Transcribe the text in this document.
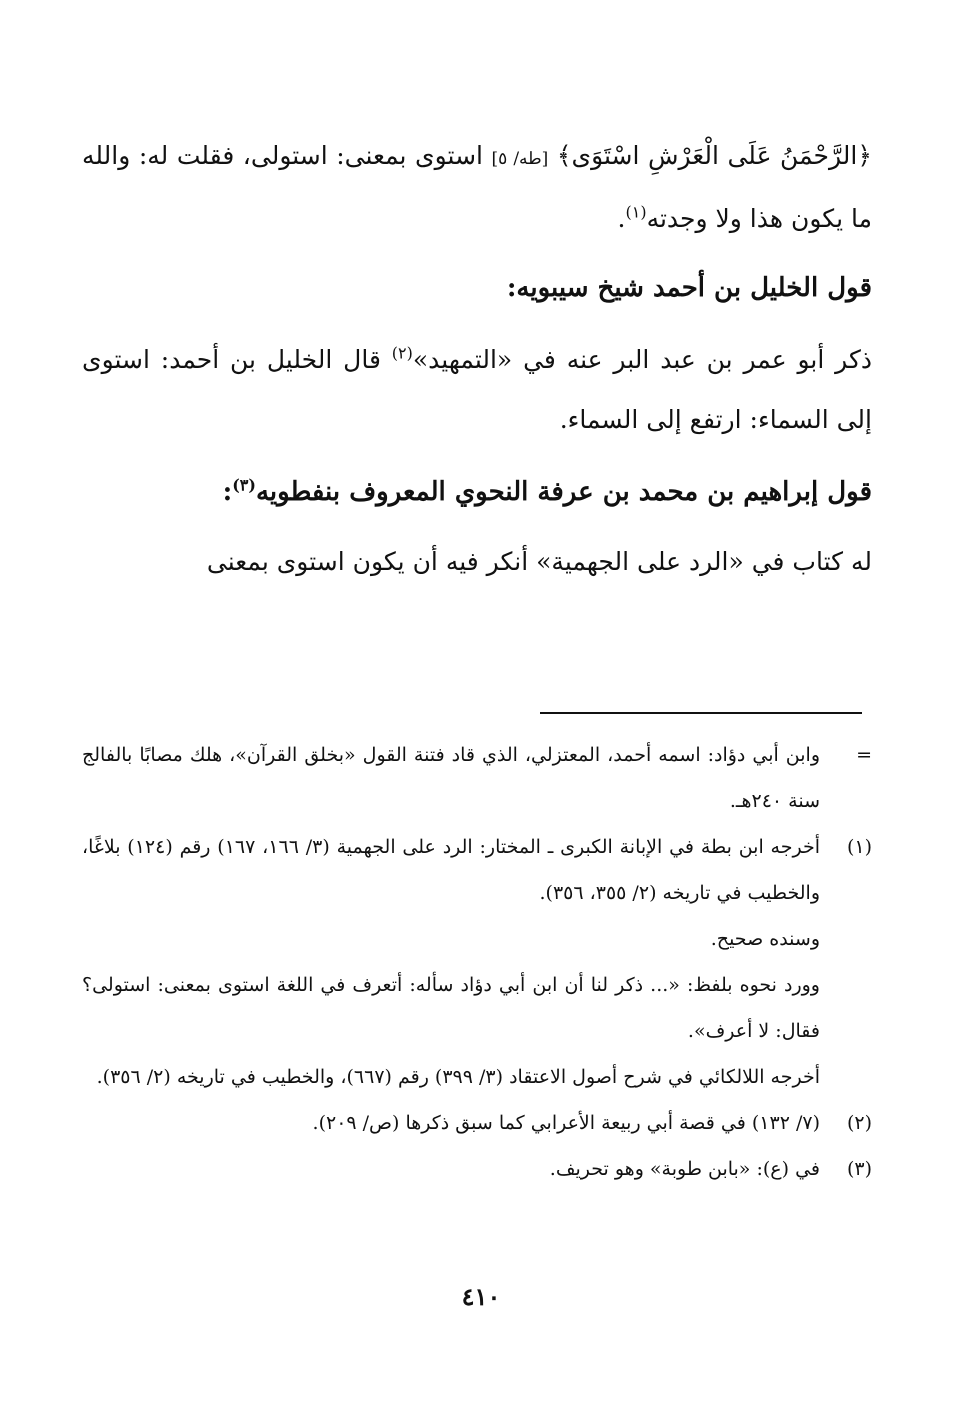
﴿الرَّحْمَنُ عَلَى الْعَرْشِ اسْتَوَى﴾ [طه/ ٥] استوى بمعنى: استولى، فقلت له: والله ما يكون هذا ولا وجدته$^{(١)}$.

قول الخليل بن أحمد شيخ سيبويه:

ذكر أبو عمر بن عبد البر عنه في «التمهيد»$^{(٢)}$ قال الخليل بن أحمد: استوى إلى السماء: ارتفع إلى السماء.

قول إبراهيم بن محمد بن عرفة النحوي المعروف بنفطويه$^{(٣)}$:

له كتاب في «الرد على الجهمية» أنكر فيه أن يكون استوى بمعنى

=

وابن أبي دؤاد: اسمه أحمد، المعتزلي، الذي قاد فتنة القول «بخلق القرآن»، هلك مصابًا بالفالج سنة ٢٤٠هـ.

(١)

أخرجه ابن بطة في الإبانة الكبرى ـ المختار: الرد على الجهمية (٣/ ١٦٦، ١٦٧) رقم (١٢٤) بلاغًا، والخطيب في تاريخه (٢/ ٣٥٥، ٣٥٦).

وسنده صحيح.

وورد نحوه بلفظ: «... ذكر لنا أن ابن أبي دؤاد سأله: أتعرف في اللغة استوى بمعنى: استولى؟ فقال: لا أعرف».

أخرجه اللالكائي في شرح أصول الاعتقاد (٣/ ٣٩٩) رقم (٦٦٧)، والخطيب في تاريخه (٢/ ٣٥٦).

(٢)

(٧/ ١٣٢) في قصة أبي ربيعة الأعرابي كما سبق ذكرها (ص/ ٢٠٩).

(٣)

في (ع): «بابن طوبة» وهو تحريف.

٤١٠
